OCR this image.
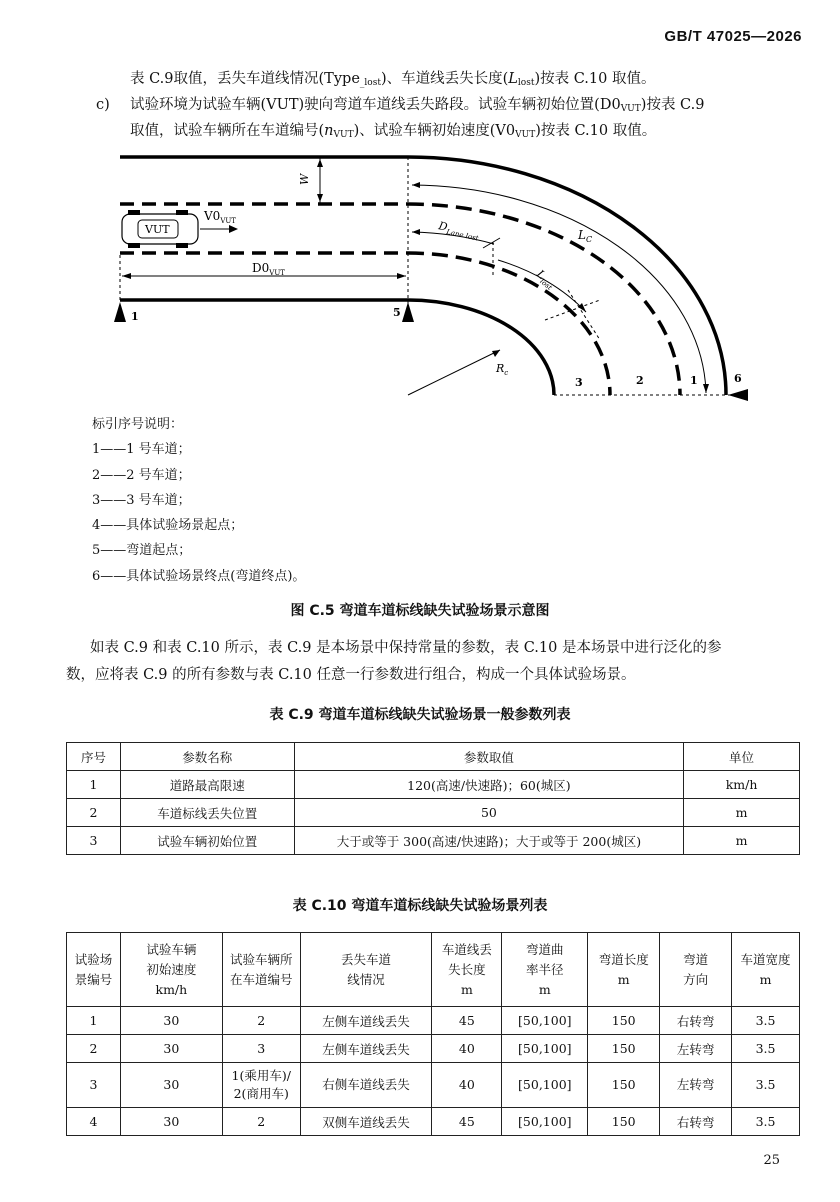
GB/T 47025—2026
表 C.9取值，丢失车道线情况(Type$_{\_lost}$)、车道线丢失长度$(L_{lost})$按表 C.10 取值。
c) 试验环境为试验车辆(VUT)驶向弯道车道线丢失路段。试验车辆初始位置$(D0_{VUT})$按表 C.9
取值，试验车辆所在车道编号$(n_{VUT})$、试验车辆初始速度$(V0_{VUT})$按表 C.10 取值。
W
$D0_{VUT}$
VUT
$V0_{VUT}$
$L_C$
$D_{Lane lost}$
$L_{lost}$
$R_c$
1	5
6
3	2	1
标引序号说明：
1——1 号车道；
2——2 号车道；
3——3 号车道；
4——具体试验场景起点；
5——弯道起点；
6——具体试验场景终点(弯道终点)。
图 C.5 弯道车道标线缺失试验场景示意图
如表 C.9 和表 C.10 所示，表 C.9 是本场景中保持常量的参数，表 C.10 是本场景中进行泛化的参
数，应将表 C.9 的所有参数与表 C.10 任意一行参数进行组合，构成一个具体试验场景。
表 C.9 弯道车道标线缺失试验场景一般参数列表
序号	参数名称	参数取值	单位
1	道路最高限速	120(高速/快速路)；60(城区)	km/h
2	车道标线丢失位置	50	m
3	试验车辆初始位置	大于或等于 300(高速/快速路)；大于或等于 200(城区)	m
表 C.10 弯道车道标线缺失试验场景列表
试验场
景编号	试验车辆
初始速度
km/h	试验车辆所
在车道编号	丢失车道
线情况	车道线丢
失长度
m	弯道曲
率半径
m	弯道长度
m	弯道
方向	车道宽度
m
1	30	2	左侧车道线丢失	45	[50,100]	150	右转弯	3.5
2	30	3	左侧车道线丢失	40	[50,100]	150	左转弯	3.5
3	30	1(乘用车)/
2(商用车)	右侧车道线丢失	40	[50,100]	150	左转弯	3.5
4	30	2	双侧车道线丢失	45	[50,100]	150	右转弯	3.5
25
